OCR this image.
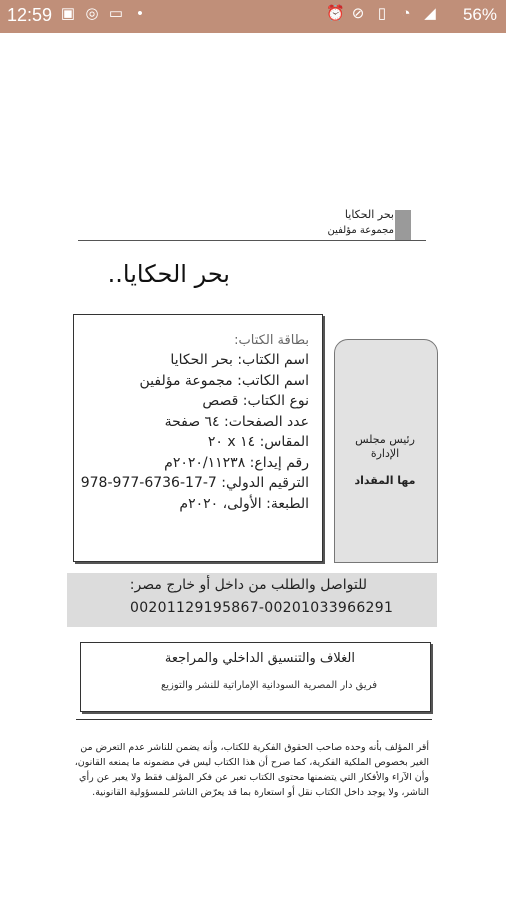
12:59 ▣ ◎ ▭ •	⏰ ⊘ ▯ ◔ ◢ 56%
بحر الحكايا
مجموعة مؤلفين
بحر الحكايا..
بطاقة الكتاب:
اسم الكتاب: بحر الحكايا
اسم الكاتب: مجموعة مؤلفين
نوع الكتاب: قصص
عدد الصفحات: ٦٤ صفحة
المقاس: ١٤ x ٢٠
رقم إيداع: ٢٠٢٠/١١٢٣٨م
الترقيم الدولي: 7-17-6736-977-978
الطبعة: الأولى، ٢٠٢٠م
رئيس مجلس الإدارة
مها المقداد
للتواصل والطلب من داخل أو خارج مصر:
00201129195867-00201033966291
الغلاف والتنسيق الداخلي والمراجعة
فريق دار المصرية السودانية الإماراتية للنشر والتوزيع
أقر المؤلف بأنه وحده صاحب الحقوق الفكرية للكتاب، وأنه يضمن للناشر عدم التعرض من الغير بخصوص الملكية الفكرية، كما صرح أن هذا الكتاب ليس في مضمونه ما يمنعه القانون، وأن الآراء والأفكار التي يتضمنها محتوى الكتاب تعبر عن فكر المؤلف فقط ولا يعبر عن رأي الناشر، ولا يوجد داخل الكتاب نقل أو استعارة بما قد يعرّض الناشر للمسؤولية القانونية.
